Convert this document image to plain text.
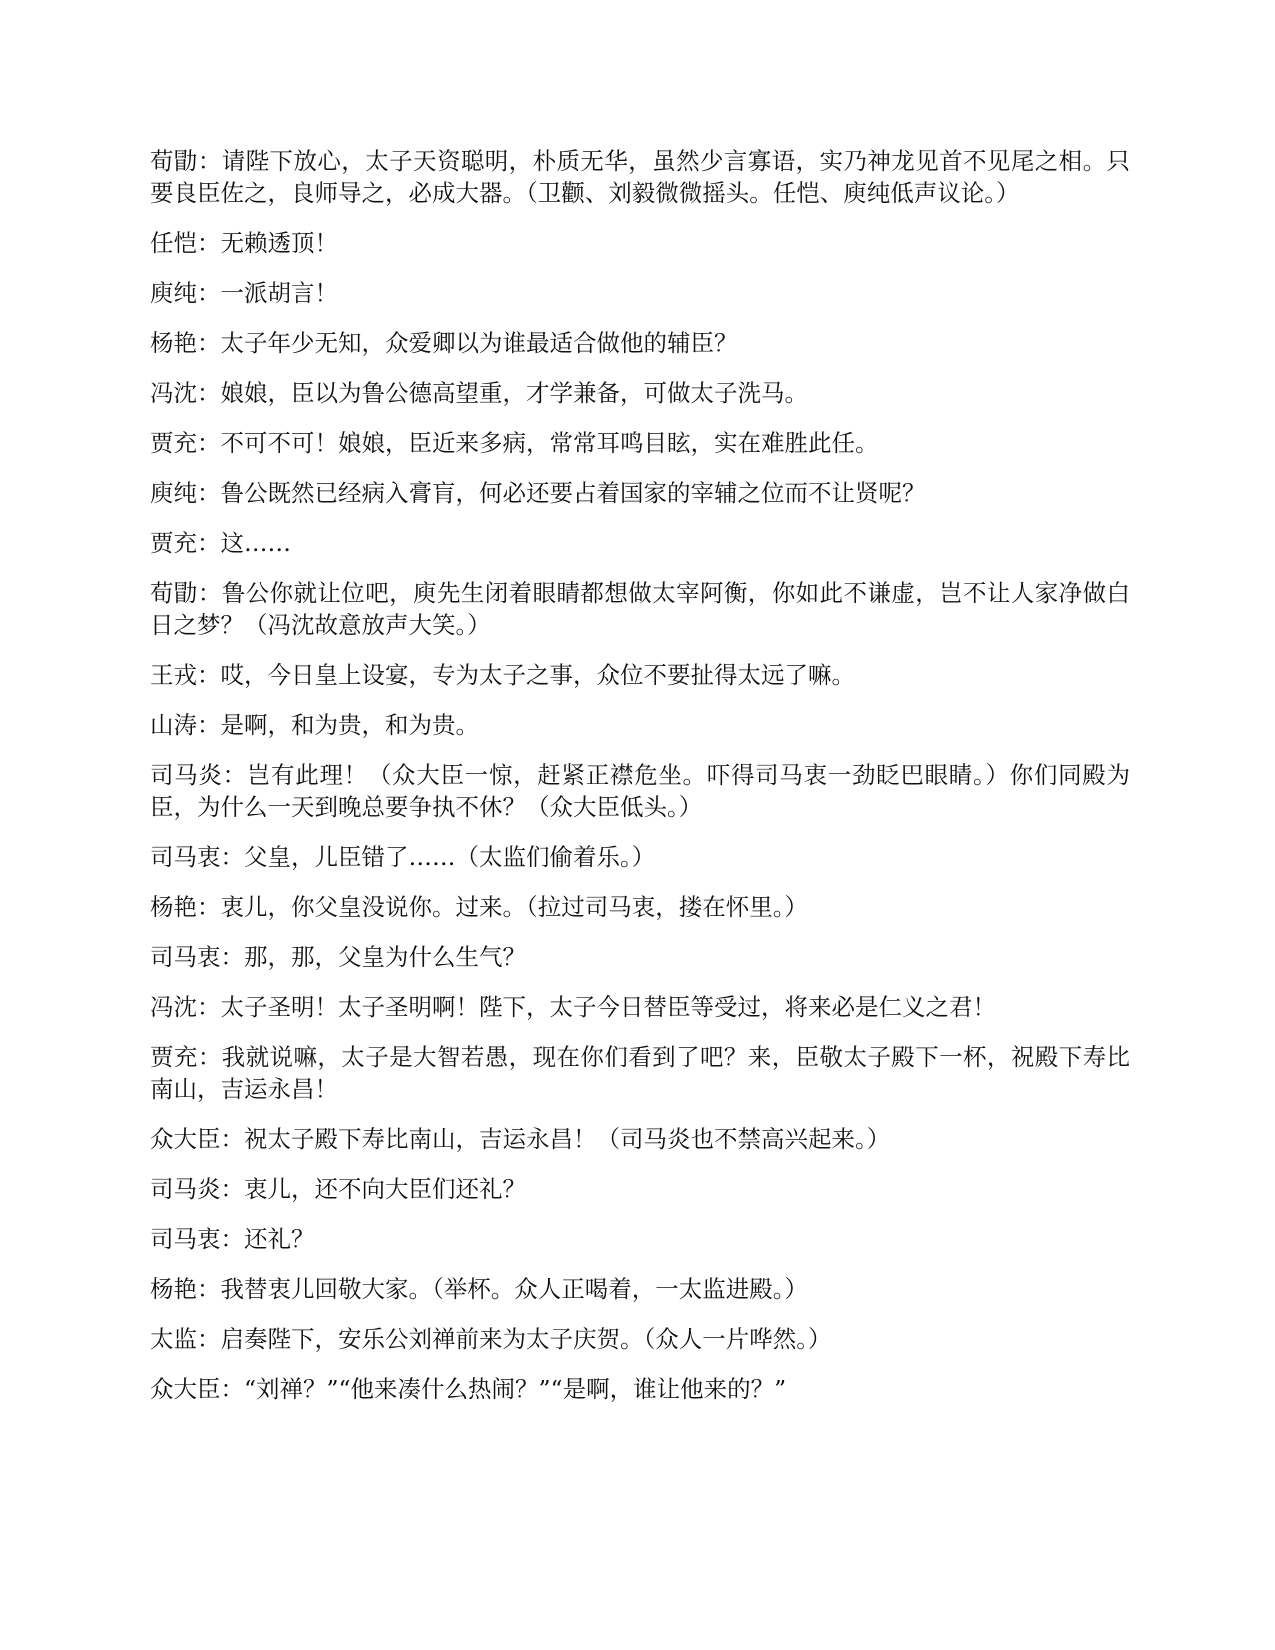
荀勖：请陛下放心，太子天资聪明，朴质无华，虽然少言寡语，实乃神龙见首不见尾之相。只要良臣佐之，良师导之，必成大器。（卫颧、刘毅微微摇头。任恺、庾纯低声议论。）

任恺：无赖透顶！

庾纯：一派胡言！

杨艳：太子年少无知，众爱卿以为谁最适合做他的辅臣？

冯沈：娘娘，臣以为鲁公德高望重，才学兼备，可做太子洗马。

贾充：不可不可！娘娘，臣近来多病，常常耳鸣目眩，实在难胜此任。

庾纯：鲁公既然已经病入膏肓，何必还要占着国家的宰辅之位而不让贤呢？

贾充：这……

荀勖：鲁公你就让位吧，庾先生闭着眼睛都想做太宰阿衡，你如此不谦虚，岂不让人家净做白日之梦？（冯沈故意放声大笑。）

王戎：哎，今日皇上设宴，专为太子之事，众位不要扯得太远了嘛。

山涛：是啊，和为贵，和为贵。

司马炎：岂有此理！（众大臣一惊，赶紧正襟危坐。吓得司马衷一劲眨巴眼睛。）你们同殿为臣，为什么一天到晚总要争执不休？（众大臣低头。）

司马衷：父皇，儿臣错了……（太监们偷着乐。）

杨艳：衷儿，你父皇没说你。过来。（拉过司马衷，搂在怀里。）

司马衷：那，那，父皇为什么生气？

冯沈：太子圣明！太子圣明啊！陛下，太子今日替臣等受过，将来必是仁义之君！

贾充：我就说嘛，太子是大智若愚，现在你们看到了吧？来，臣敬太子殿下一杯，祝殿下寿比南山，吉运永昌！

众大臣：祝太子殿下寿比南山，吉运永昌！（司马炎也不禁高兴起来。）

司马炎：衷儿，还不向大臣们还礼？

司马衷：还礼？

杨艳：我替衷儿回敬大家。（举杯。众人正喝着，一太监进殿。）

太监：启奏陛下，安乐公刘禅前来为太子庆贺。（众人一片哗然。）

众大臣：“刘禅？”“他来凑什么热闹？”“是啊，谁让他来的？”
